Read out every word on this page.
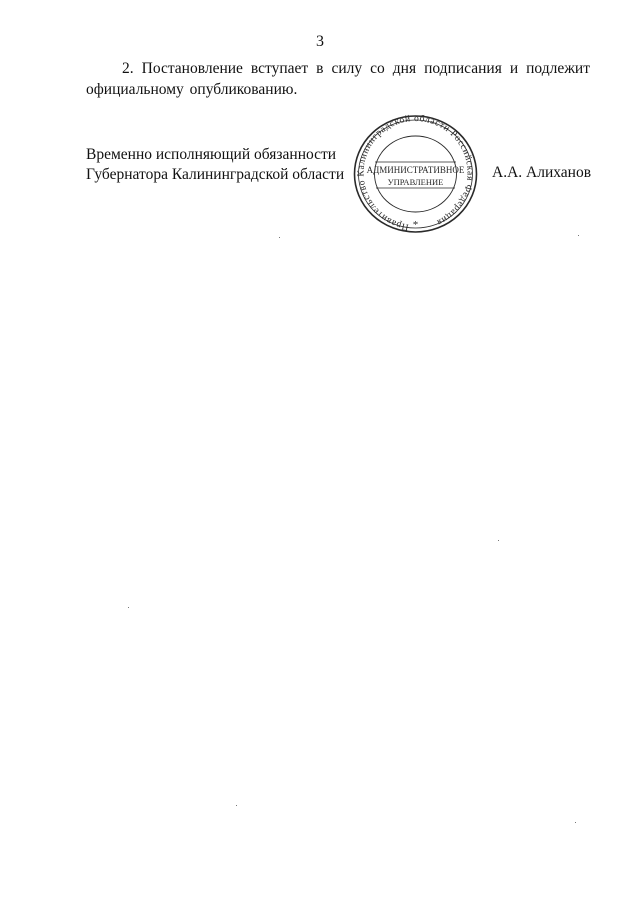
3

2. Постановление вступает в силу со дня подписания и подлежит официальному опубликованию.

Временно исполняющий обязанности
Губернатора Калининградской области	А.А. Алиханов
Правительство Калининградской области Российская Федерация
АДМИНИСТРАТИВНОЕ
УПРАВЛЕНИЕ
*
